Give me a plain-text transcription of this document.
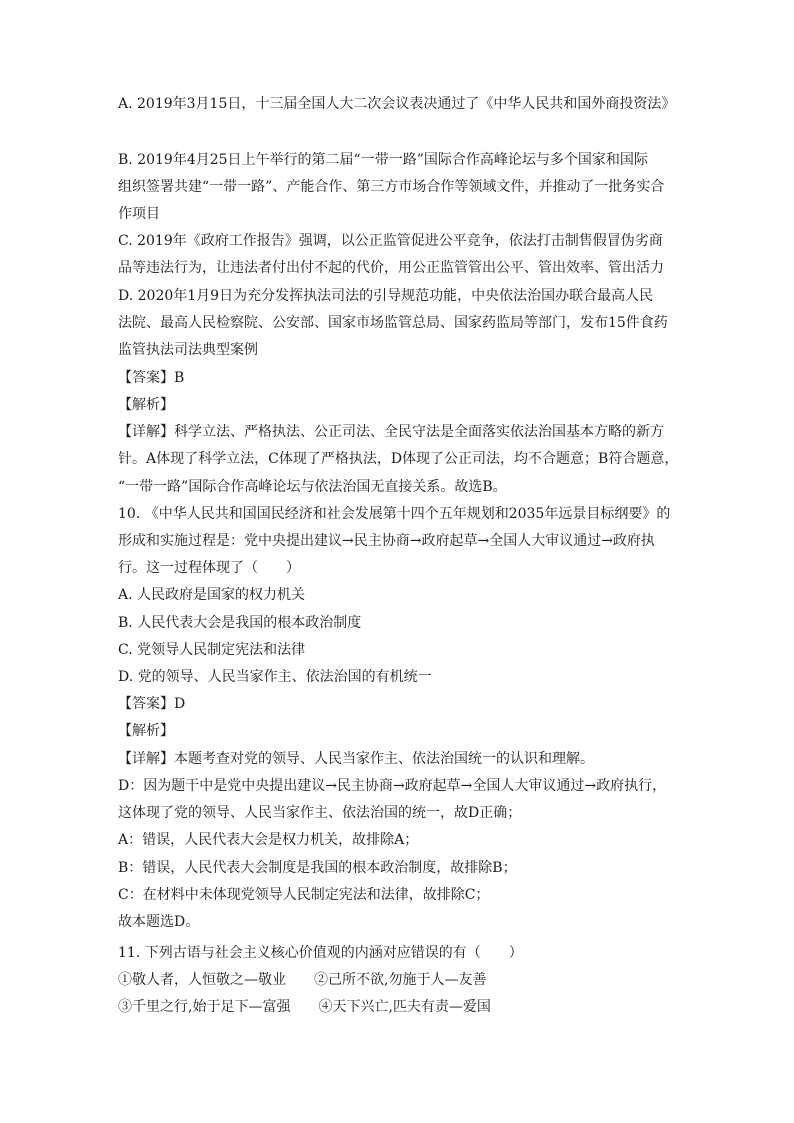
A. 2019年3月15日，十三届全国人大二次会议表决通过了《中华人民共和国外商投资法》
B. 2019年4月25日上午举行的第二届“一带一路”国际合作高峰论坛与多个国家和国际
组织签署共建“一带一路”、产能合作、第三方市场合作等领域文件，并推动了一批务实合
作项目
C. 2019年《政府工作报告》强调，以公正监管促进公平竞争，依法打击制售假冒伪劣商
品等违法行为，让违法者付出付不起的代价，用公正监管管出公平、管出效率、管出活力
D. 2020年1月9日为充分发挥执法司法的引导规范功能，中央依法治国办联合最高人民
法院、最高人民检察院、公安部、国家市场监管总局、国家药监局等部门，发布15件食药
监管执法司法典型案例
【答案】B
【解析】
【详解】科学立法、严格执法、公正司法、全民守法是全面落实依法治国基本方略的新方
针。A体现了科学立法，C体现了严格执法，D体现了公正司法，均不合题意；B符合题意，
“一带一路”国际合作高峰论坛与依法治国无直接关系。故选B。
10. 《中华人民共和国国民经济和社会发展第十四个五年规划和2035年远景目标纲要》的
形成和实施过程是：党中央提出建议→民主协商→政府起草→全国人大审议通过→政府执
行。这一过程体现了（　　）
A. 人民政府是国家的权力机关
B. 人民代表大会是我国的根本政治制度
C. 党领导人民制定宪法和法律
D. 党的领导、人民当家作主、依法治国的有机统一
【答案】D
【解析】
【详解】本题考查对党的领导、人民当家作主、依法治国统一的认识和理解。
D：因为题干中是党中央提出建议→民主协商→政府起草→全国人大审议通过→政府执行，
这体现了党的领导、人民当家作主、依法治国的统一，故D正确；
A：错误，人民代表大会是权力机关，故排除A；
B：错误，人民代表大会制度是我国的根本政治制度，故排除B；
C：在材料中未体现党领导人民制定宪法和法律，故排除C；
故本题选D。
11. 下列古语与社会主义核心价值观的内涵对应错误的有（　　）
①敬人者，人恒敬之—敬业　　②己所不欲,勿施于人—友善
③千里之行,始于足下—富强　　④天下兴亡,匹夫有责—爱国
